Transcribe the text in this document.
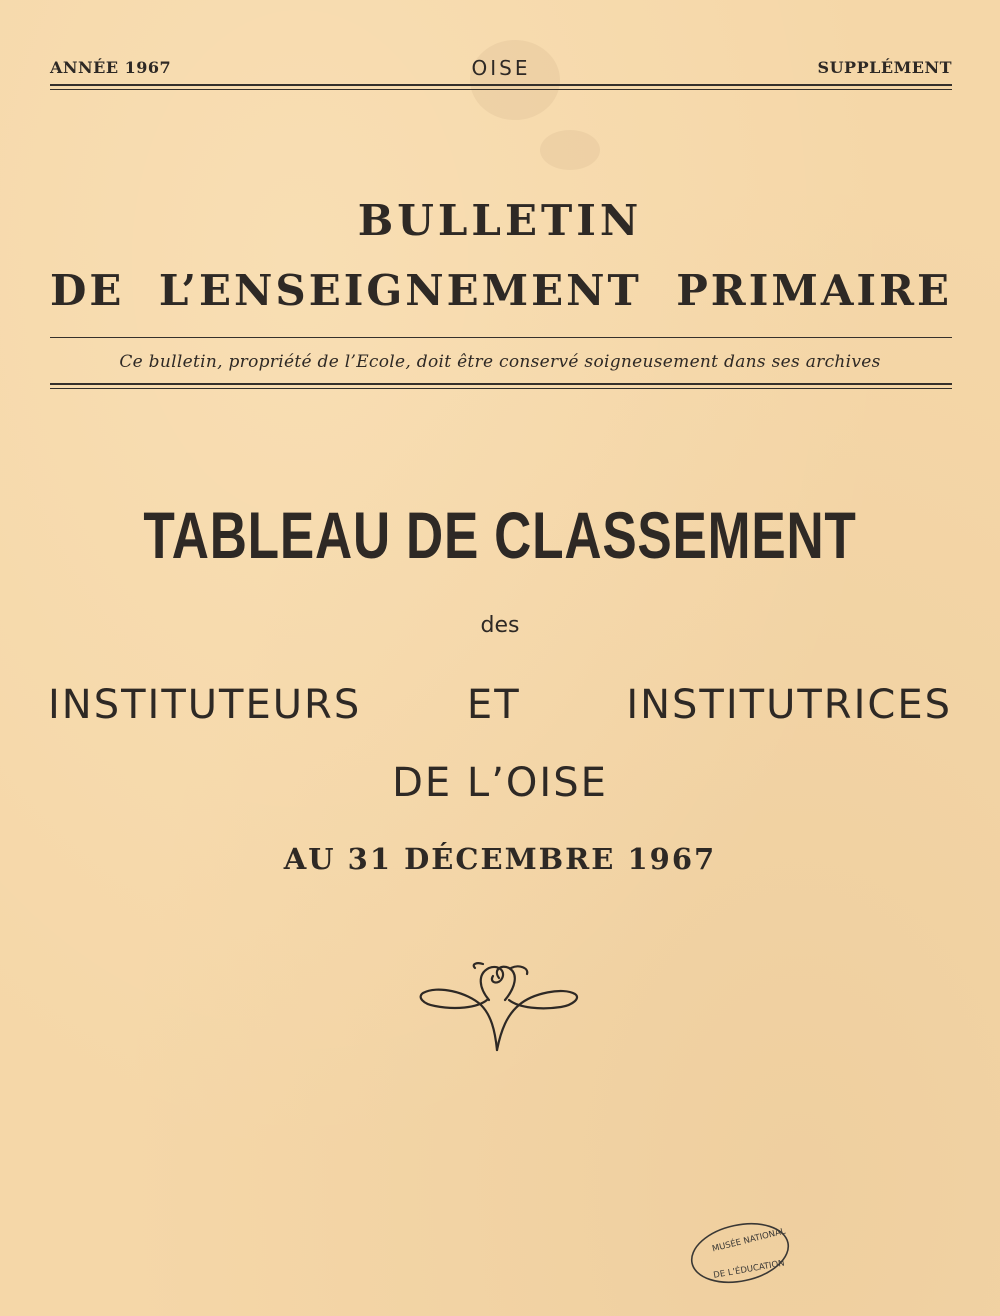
ANNÉE 1967	OISE	SUPPLÉMENT
BULLETIN
DE L’ENSEIGNEMENT PRIMAIRE
Ce bulletin, propriété de l’Ecole, doit être conservé soigneusement dans ses archives
TABLEAU DE CLASSEMENT
des
INSTITUTEURS ET INSTITUTRICES
DE L’OISE
AU 31 DÉCEMBRE 1967
MUSÉE NATIONAL
DE L’ÉDUCATION
